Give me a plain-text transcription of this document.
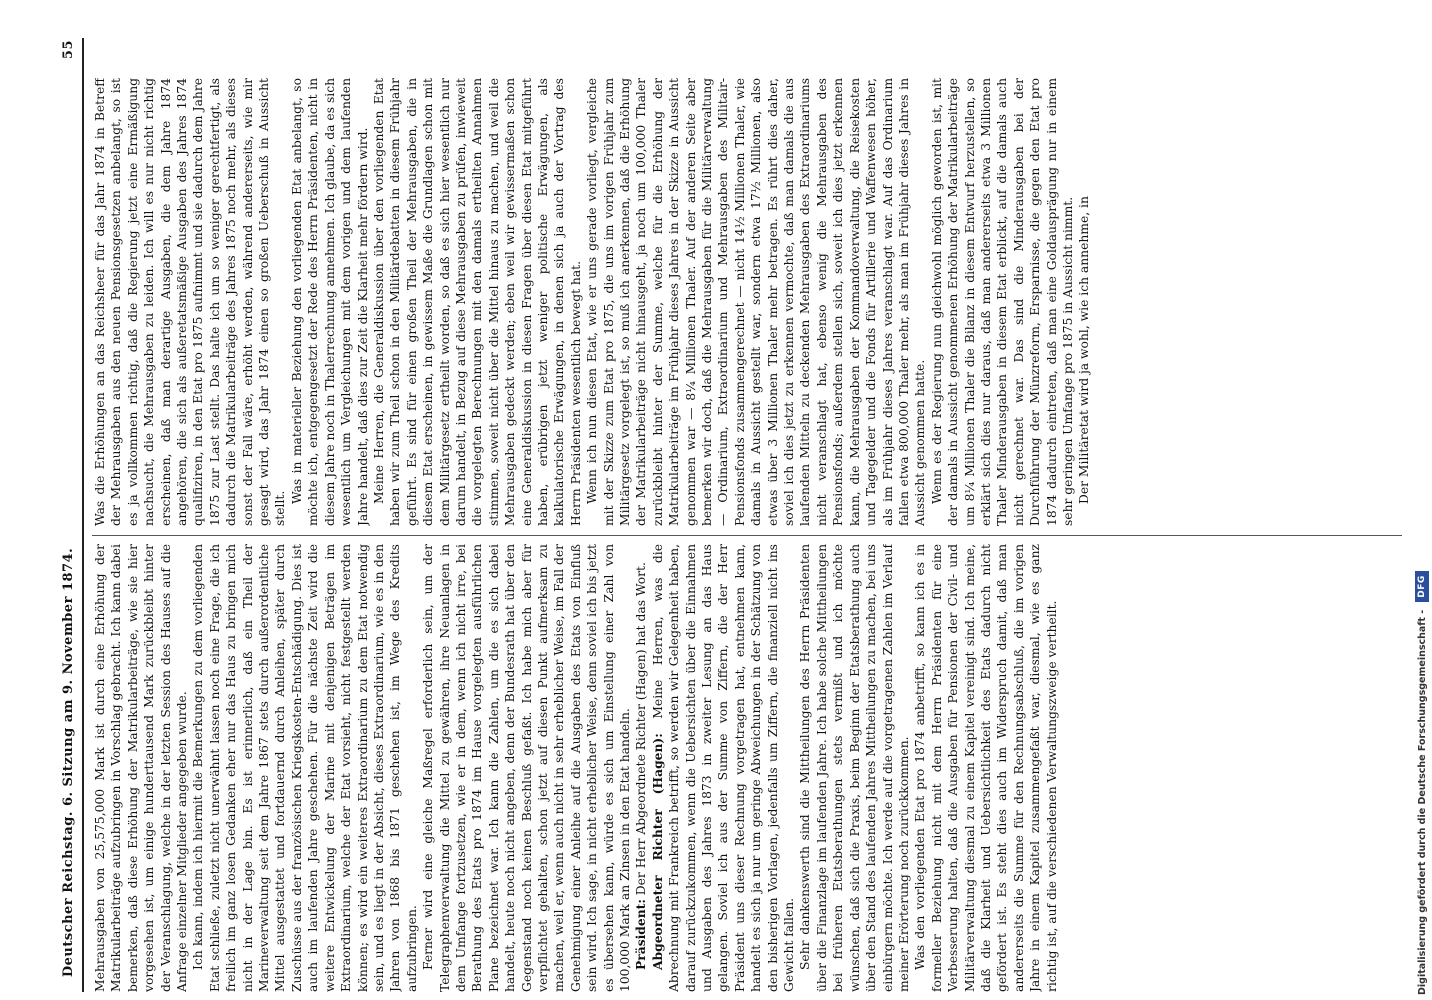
Deutscher Reichstag. 6. Sitzung am 9. November 1874.
55

Mehrausgaben von 25,575,000 Mark ist durch eine Erhöhung der Matrikularbeiträge aufzubringen in Vorschlag gebracht. Ich kann dabei bemerken, daß diese Erhöhung der Matrikularbeiträge, wie sie hier vorgesehen ist, um einige hunderttausend Mark zurückbleibt hinter der Veranschlagung, welche in der letzten Session des Hauses auf die Anfrage einzelner Mitglieder angegeben wurde. Ich kann, indem ich hiermit die Bemerkungen zu dem vorliegenden Etat schließe, zuletzt nicht unerwähnt lassen noch eine Frage, die ich freilich im ganz losen Gedanken eher nur das Haus zu bringen mich nicht in der Lage bin. Es ist erinnerlich, daß ein Theil der Marineverwaltung seit dem Jahre 1867 stets durch außerordentliche Mittel ausgestattet und fortdauernd durch Anleihen, später durch Zuschüsse aus der französischen Kriegskosten-Entschädigung. Dies ist auch im laufenden Jahre geschehen. Für die nächste Zeit wird die weitere Entwickelung der Marine mit denjenigen Beträgen im Extraordinarium, welche der Etat vorsieht, nicht festgestellt werden können; es wird ein weiteres Extraordinarium zu dem Etat notwendig sein, und es liegt in der Absicht, dieses Extraordinarium, wie es in den Jahren von 1868 bis 1871 geschehen ist, im Wege des Kredits aufzubringen. Ferner wird eine gleiche Maßregel erforderlich sein, um der Telegraphenverwaltung die Mittel zu gewähren, ihre Neuanlagen in dem Umfange fortzusetzen, wie er in dem, wenn ich nicht irre, bei Berathung des Etats pro 1874 im Hause vorgelegten ausführlichen Plane bezeichnet war. Ich kann die Zahlen, um die es sich dabei handelt, heute noch nicht angeben, denn der Bundesrath hat über den Gegenstand noch keinen Beschluß gefaßt. Ich habe mich aber für verpflichtet gehalten, schon jetzt auf diesen Punkt aufmerksam zu machen, weil er, wenn auch nicht in sehr erheblicher Weise, im Fall der Genehmigung einer Anleihe auf die Ausgaben des Etats von Einfluß sein wird. Ich sage, in nicht erheblicher Weise, denn soviel ich bis jetzt es übersehen kann, würde es sich um Einstellung einer Zahl von 100,000 Mark an Zinsen in den Etat handeln. Präsident: Der Herr Abgeordnete Richter (Hagen) hat das Wort. Abgeordneter Richter (Hagen): Meine Herren, was die Abrechnung mit Frankreich betrifft, so werden wir Gelegenheit haben, darauf zurückzukommen, wenn die Uebersichten über die Einnahmen und Ausgaben des Jahres 1873 in zweiter Lesung an das Haus gelangen. Soviel ich aus der Summe von Ziffern, die der Herr Präsident uns dieser Rechnung vorgetragen hat, entnehmen kann, handelt es sich ja nur um geringe Abweichungen in der Schätzung von den bisherigen Vorlagen, jedenfalls um Ziffern, die finanziell nicht ins Gewicht fallen. Sehr dankenswerth sind die Mittheilungen des Herrn Präsidenten über die Finanzlage im laufenden Jahre. Ich habe solche Mittheilungen bei früheren Etatsberathungen stets vermißt und ich möchte wünschen, daß sich die Praxis, beim Beginn der Etatsberathung auch über den Stand des laufenden Jahres Mittheilungen zu machen, bei uns einbürgern möchte. Ich werde auf die vorgetragenen Zahlen im Verlauf meiner Erörterung noch zurückkommen. Was den vorliegenden Etat pro 1874 anbetrifft, so kann ich es in formeller Beziehung nicht mit dem Herrn Präsidenten für eine Verbesserung halten, daß die Ausgaben für Pensionen der Civil- und Militärverwaltung diesmal zu einem Kapitel vereinigt sind. Ich meine, daß die Klarheit und Uebersichtlichkeit des Etats dadurch nicht gefördert ist. Es steht dies auch im Widerspruch damit, daß man andererseits die Summe für den Rechnungsabschluß, die im vorigen Jahre in einem Kapitel zusammengefaßt war, diesmal, wie es ganz richtig ist, auf die verschiedenen Verwaltungszweige vertheilt.

Was die Erhöhungen an das Reichsheer für das Jahr 1874 in Betreff der Mehrausgaben aus den neuen Pensionsgesetzen anbelangt, so ist es ja vollkommen richtig, daß die Regierung jetzt eine Ermäßigung nachsucht, die Mehrausgaben zu leiden. Ich will es nur nicht richtig erscheinen, daß man derartige Ausgaben, die dem Jahre 1874 angehören, die sich als außeretatsmäßige Ausgaben des Jahres 1874 qualifiziren, in den Etat pro 1875 aufnimmt und sie dadurch dem Jahre 1875 zur Last stellt. Das halte ich um so weniger gerechtfertigt, als dadurch die Matrikularbeiträge des Jahres 1875 noch mehr, als dieses sonst der Fall wäre, erhöht werden, während andererseits, wie mir gesagt wird, das Jahr 1874 einen so großen Ueberschuß in Aussicht stellt.

Was in materieller Beziehung den vorliegenden Etat anbelangt, so möchte ich, entgegengesetzt der Rede des Herrn Präsidenten, nicht in diesem Jahre noch in Thalerrechnung annehmen. Ich glaube, da es sich wesentlich um Vergleichungen mit dem vorigen und dem laufenden Jahre handelt, daß dies zur Zeit die Klarheit mehr fördern wird. Meine Herren, die Generaldiskussion über den vorliegenden Etat haben wir zum Theil schon in den Militärdebatten in diesem Frühjahr geführt. Es sind für einen großen Theil der Mehrausgaben, die in diesem Etat erscheinen, in gewissem Maße die Grundlagen schon mit dem Militärgesetz ertheilt worden, so daß es sich hier wesentlich nur darum handelt, in Bezug auf diese Mehrausgaben zu prüfen, inwieweit die vorgelegten Berechnungen mit den damals ertheilten Annahmen stimmen, soweit nicht über die Mittel hinaus zu machen, und weil die Mehrausgaben gedeckt werden; eben weil wir gewissermaßen schon eine Generaldiskussion in diesen Fragen über diesen Etat mitgeführt haben, erübrigen jetzt weniger politische Erwägungen, als kalkulatorische Erwägungen, in denen sich ja auch der Vortrag des Herrn Präsidenten wesentlich bewegt hat. Wenn ich nun diesen Etat, wie er uns gerade vorliegt, vergleiche mit der Skizze zum Etat pro 1875, die uns im vorigen Frühjahr zum Militärgesetz vorgelegt ist, so muß ich anerkennen, daß die Erhöhung der Matrikularbeiträge nicht hinausgeht, ja noch um 100,000 Thaler zurückbleibt hinter der Summe, welche für die Erhöhung der Matrikularbeiträge im Frühjahr dieses Jahres in der Skizze in Aussicht genommen war — 8¼ Millionen Thaler. Auf der anderen Seite aber bemerken wir doch, daß die Mehrausgaben für die Militärverwaltung — Ordinarium, Extraordinarium und Mehrausgaben des Militair-Pensionsfonds zusammengerechnet — nicht 14½ Millionen Thaler, wie damals in Aussicht gestellt war, sondern etwa 17½ Millionen, also etwas über 3 Millionen Thaler mehr betragen. Es rührt dies daher, soviel ich dies jetzt zu erkennen vermochte, daß man damals die aus laufenden Mitteln zu deckenden Mehrausgaben des Extraordinariums nicht veranschlagt hat, ebenso wenig die Mehrausgaben des Pensionsfonds; außerdem stellen sich, soweit ich dies jetzt erkennen kann, die Mehrausgaben der Kommandoverwaltung, die Reisekosten und Tagegelder und die Fonds für Artillerie und Waffenwesen höher, als im Frühjahr dieses Jahres veranschlagt war. Auf das Ordinarium fallen etwa 800,000 Thaler mehr, als man im Frühjahr dieses Jahres in Aussicht genommen hatte. Wenn es der Regierung nun gleichwohl möglich geworden ist, mit der damals in Aussicht genommenen Erhöhung der Matrikularbeiträge um 8¼ Millionen Thaler die Bilanz in diesem Entwurf herzustellen, so erklärt sich dies nur daraus, daß man andererseits etwa 3 Millionen Thaler Minderausgaben in diesem Etat erblickt, auf die damals auch nicht gerechnet war. Das sind die Minderausgaben bei der Durchführung der Münzreform, Ersparnisse, die gegen den Etat pro 1874 dadurch eintreten, daß man eine Goldausprägung nur in einem sehr geringen Umfange pro 1875 in Aussicht nimmt. Der Militäretat wird ja wohl, wie ich annehme, in

Digitalisierung gefördert durch die Deutsche Forschungsgemeinschaft -
DFG
